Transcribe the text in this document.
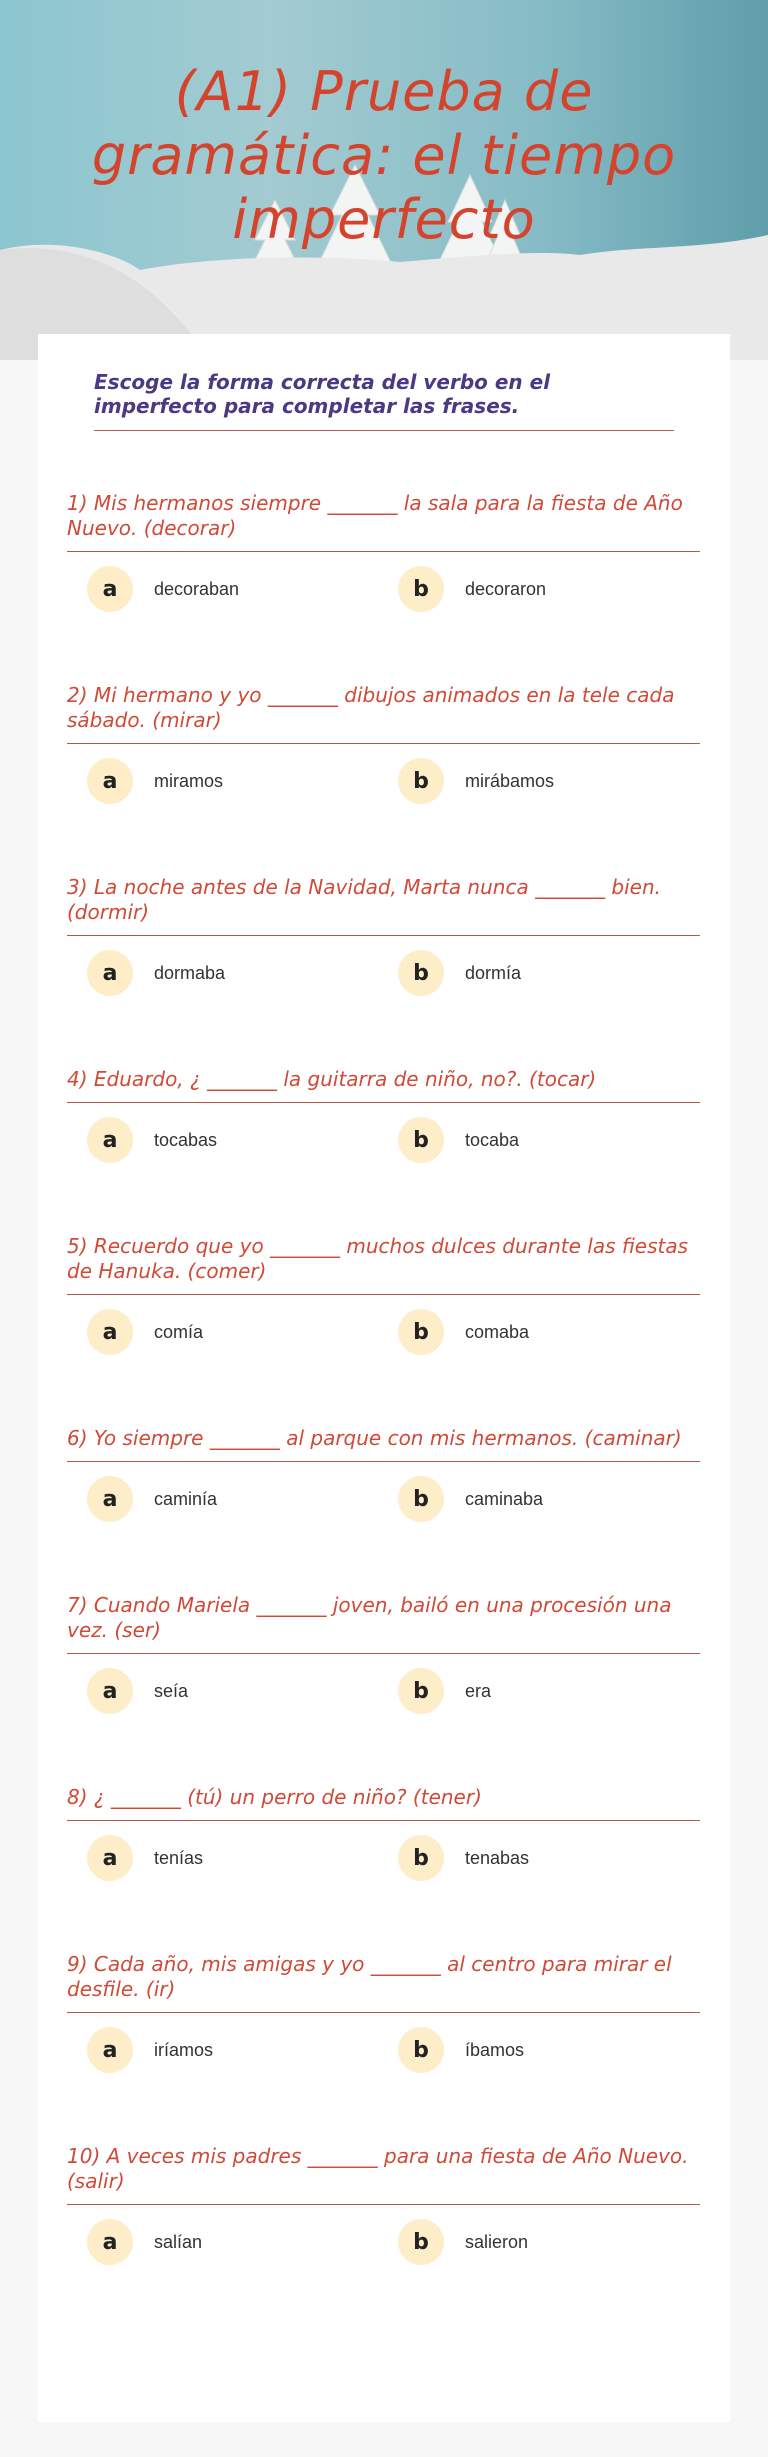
(A1) Prueba de gramática: el tiempo imperfecto

Escoge la forma correcta del verbo en el imperfecto para completar las frases.

1) Mis hermanos siempre _______ la sala para la fiesta de Año Nuevo. (decorar)

a	decoraban	b	decoraron

2) Mi hermano y yo _______ dibujos animados en la tele cada sábado. (mirar)

a	miramos	b	mirábamos

3) La noche antes de la Navidad, Marta nunca _______ bien. (dormir)

a	dormaba	b	dormía

4) Eduardo, ¿ _______ la guitarra de niño, no?. (tocar)

a	tocabas	b	tocaba

5) Recuerdo que yo _______ muchos dulces durante las fiestas de Hanuka. (comer)

a	comía	b	comaba

6) Yo siempre _______ al parque con mis hermanos. (caminar)

a	caminía	b	caminaba

7) Cuando Mariela _______ joven, bailó en una procesión una vez. (ser)

a	seía	b	era

8) ¿ _______ (tú) un perro de niño? (tener)

a	tenías	b	tenabas

9) Cada año, mis amigas y yo _______ al centro para mirar el desfile. (ir)

a	iríamos	b	íbamos

10) A veces mis padres _______ para una fiesta de Año Nuevo. (salir)

a	salían	b	salieron
